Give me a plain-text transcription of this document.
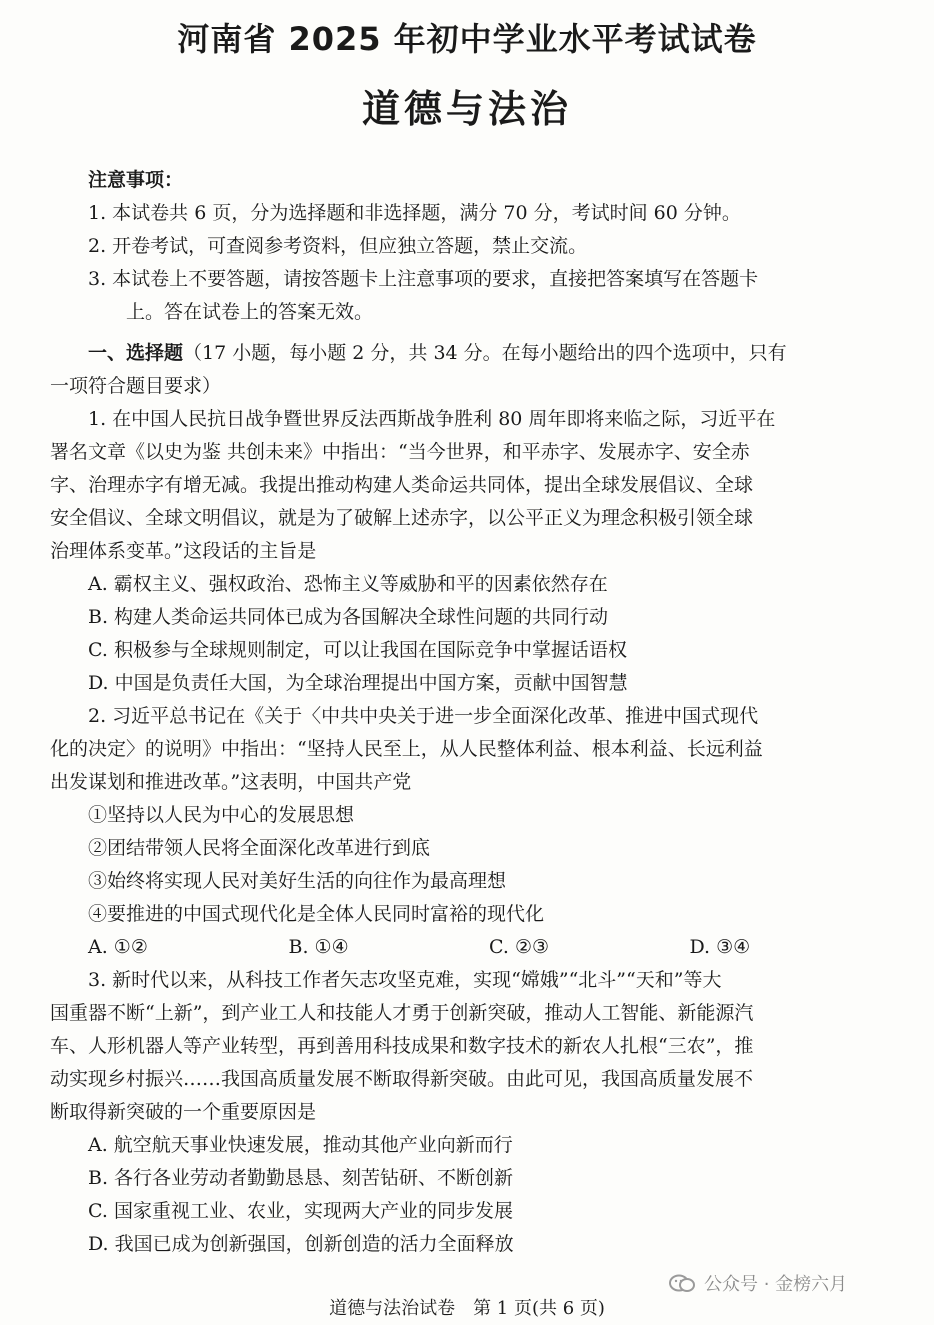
河南省 2025 年初中学业水平考试试卷
道德与法治
注意事项：
1. 本试卷共 6 页，分为选择题和非选择题，满分 70 分，考试时间 60 分钟。
2. 开卷考试，可查阅参考资料，但应独立答题，禁止交流。
3. 本试卷上不要答题，请按答题卡上注意事项的要求，直接把答案填写在答题卡
上。答在试卷上的答案无效。
一、选择题（17 小题，每小题 2 分，共 34 分。在每小题给出的四个选项中，只有
一项符合题目要求）
1. 在中国人民抗日战争暨世界反法西斯战争胜利 80 周年即将来临之际，习近平在
署名文章《以史为鉴 共创未来》中指出：“当今世界，和平赤字、发展赤字、安全赤
字、治理赤字有增无减。我提出推动构建人类命运共同体，提出全球发展倡议、全球
安全倡议、全球文明倡议，就是为了破解上述赤字，以公平正义为理念积极引领全球
治理体系变革。”这段话的主旨是
A. 霸权主义、强权政治、恐怖主义等威胁和平的因素依然存在
B. 构建人类命运共同体已成为各国解决全球性问题的共同行动
C. 积极参与全球规则制定，可以让我国在国际竞争中掌握话语权
D. 中国是负责任大国，为全球治理提出中国方案，贡献中国智慧
2. 习近平总书记在《关于〈中共中央关于进一步全面深化改革、推进中国式现代
化的决定〉的说明》中指出：“坚持人民至上，从人民整体利益、根本利益、长远利益
出发谋划和推进改革。”这表明，中国共产党
①坚持以人民为中心的发展思想
②团结带领人民将全面深化改革进行到底
③始终将实现人民对美好生活的向往作为最高理想
④要推进的中国式现代化是全体人民同时富裕的现代化
A. ①②	B. ①④	C. ②③	D. ③④
3. 新时代以来，从科技工作者矢志攻坚克难，实现“嫦娥”“北斗”“天和”等大
国重器不断“上新”，到产业工人和技能人才勇于创新突破，推动人工智能、新能源汽
车、人形机器人等产业转型，再到善用科技成果和数字技术的新农人扎根“三农”，推
动实现乡村振兴……我国高质量发展不断取得新突破。由此可见，我国高质量发展不
断取得新突破的一个重要原因是
A. 航空航天事业快速发展，推动其他产业向新而行
B. 各行各业劳动者勤勤恳恳、刻苦钻研、不断创新
C. 国家重视工业、农业，实现两大产业的同步发展
D. 我国已成为创新强国，创新创造的活力全面释放
公众号 · 金榜六月
道德与法治试卷　第 1 页(共 6 页)
